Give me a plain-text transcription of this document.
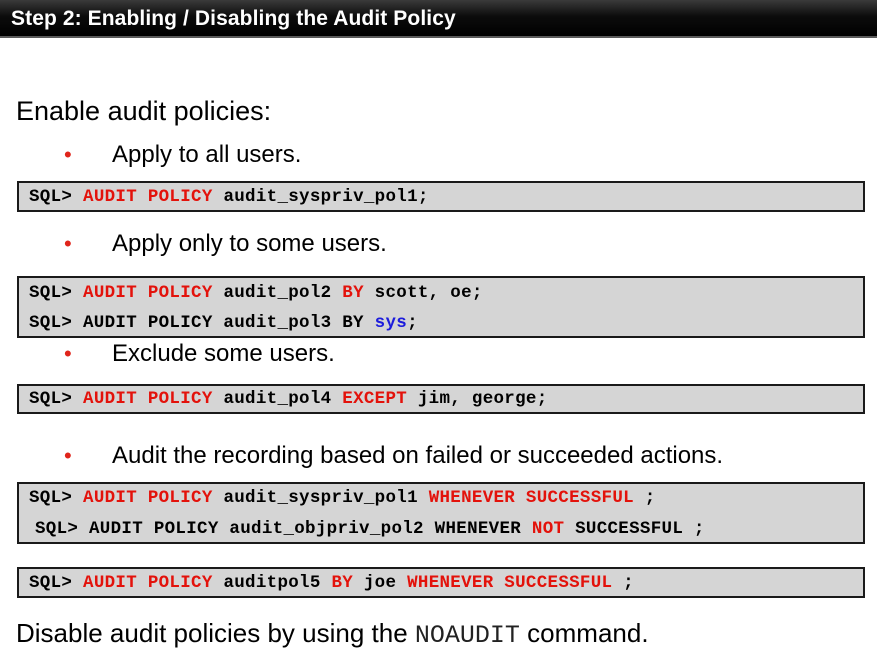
Step 2: Enabling / Disabling the Audit Policy
Enable audit policies:
• Apply to all users.
SQL> AUDIT POLICY audit_syspriv_pol1;
• Apply only to some users.
SQL> AUDIT POLICY audit_pol2 BY scott, oe;
SQL> AUDIT POLICY audit_pol3 BY sys;
• Exclude some users.
SQL> AUDIT POLICY audit_pol4 EXCEPT jim, george;
• Audit the recording based on failed or succeeded actions.
SQL> AUDIT POLICY audit_syspriv_pol1 WHENEVER SUCCESSFUL ;
SQL> AUDIT POLICY audit_objpriv_pol2 WHENEVER NOT SUCCESSFUL ;
SQL> AUDIT POLICY auditpol5 BY joe WHENEVER SUCCESSFUL ;
Disable audit policies by using the NOAUDIT command.
